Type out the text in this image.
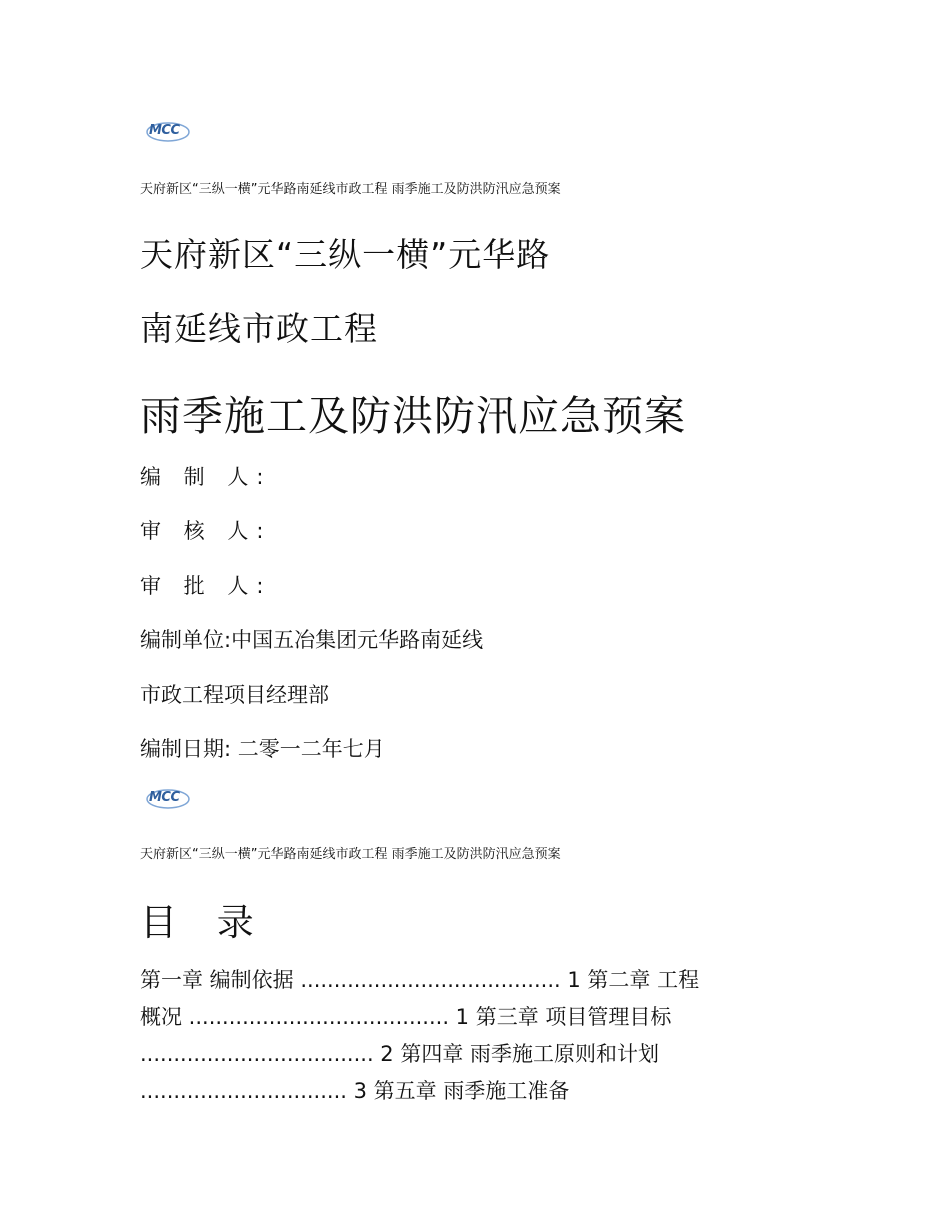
MCC
天府新区“三纵一横”元华路南延线市政工程 雨季施工及防洪防汛应急预案
天府新区“三纵一横”元华路
南延线市政工程
雨季施工及防洪防汛应急预案
编 制 人:
审 核 人:
审 批 人:
编制单位:中国五冶集团元华路南延线
市政工程项目经理部
编制日期: 二零一二年七月
MCC
天府新区“三纵一横”元华路南延线市政工程 雨季施工及防洪防汛应急预案
目 录
第一章 编制依据 ....................................... 1 第二章 工程
概况 ....................................... 1 第三章 项目管理目标
................................... 2 第四章 雨季施工原则和计划
............................... 3 第五章 雨季施工准备
